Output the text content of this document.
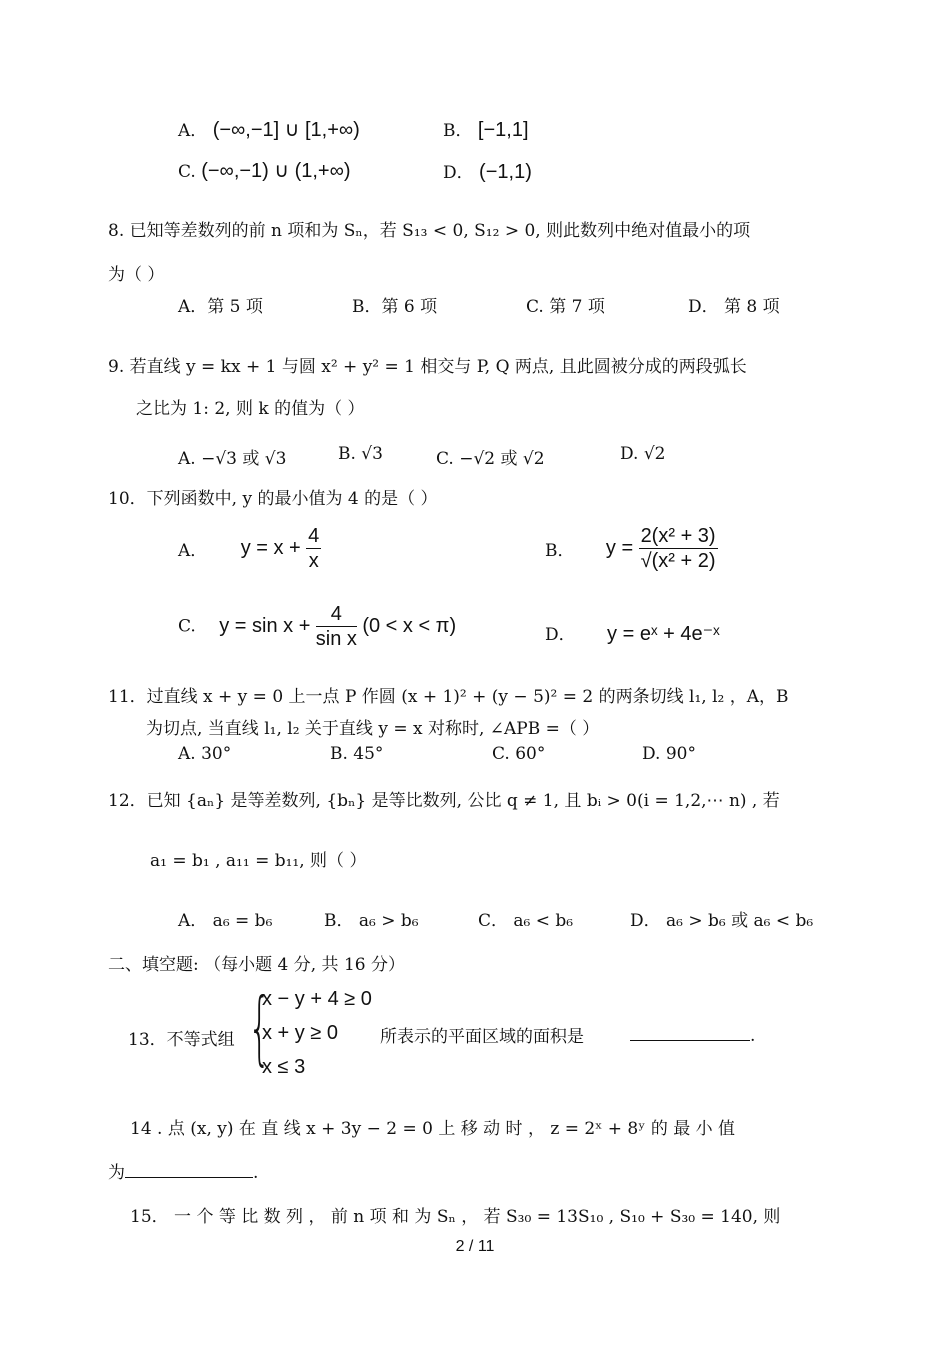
A． (−∞,−1] ∪ [1,+∞)	B． [−1,1]
C. (−∞,−1) ∪ (1,+∞)	D． (−1,1)
8. 已知等差数列的前 n 项和为 Sₙ，若 S₁₃ < 0, S₁₂ > 0, 则此数列中绝对值最小的项
为（ ）
A．第 5 项	B．第 6 项	C. 第 7 项	D． 第 8 项
9. 若直线 y = kx + 1 与圆 x² + y² = 1 相交与 P, Q 两点, 且此圆被分成的两段弧长
之比为 1: 2, 则 k 的值为（ ）
A. −√3 或 √3	B. √3	C. −√2 或 √2	D. √2
10．下列函数中, y 的最小值为 4 的是（ ）
A． $y = x + \frac{4}{x}$	B． $y = \frac{\text{2(x² + 3)}}{\text{√(x² + 2)}}$
C. $y = \sin x + \frac{4}{\text{sin x}} (0 < x < \pi)$	D． y = eˣ + 4e⁻ˣ
11．过直线 x + y = 0 上一点 P 作圆 (x + 1)² + (y − 5)² = 2 的两条切线 l₁, l₂ ，A，B
为切点, 当直线 l₁, l₂ 关于直线 y = x 对称时, ∠APB =（ ）
A. 30°	B. 45°	C. 60°	D. 90°
12．已知 {aₙ} 是等差数列, {bₙ} 是等比数列, 公比 q ≠ 1, 且 bᵢ > 0(i = 1,2,⋯ n) , 若
a₁ = b₁ , a₁₁ = b₁₁, 则（ ）
A． a₆ = b₆	B． a₆ > b₆	C． a₆ < b₆	D． a₆ > b₆ 或 a₆ < b₆
二、填空题: （每小题 4 分, 共 16 分）
13．不等式组 {
x − y + 4 ≥ 0
x + y ≥ 0
x ≤ 3
所表示的平面区域的面积是	.
14 . 点 (x, y) 在 直 线 x + 3y − 2 = 0 上 移 动 时 ， z = 2ˣ + 8ʸ 的 最 小 值
为	.
15． 一 个 等 比 数 列 ， 前 n 项 和 为 Sₙ ， 若 S₃₀ = 13S₁₀ , S₁₀ + S₃₀ = 140, 则
2 / 11
